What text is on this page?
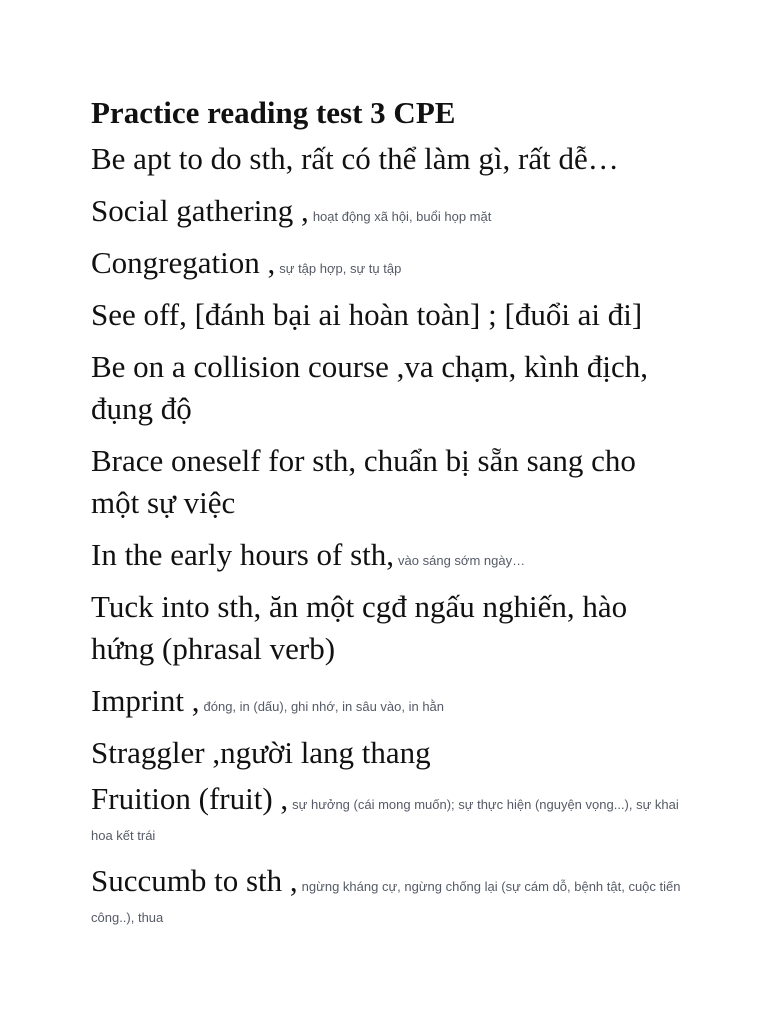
Practice reading test 3 CPE
Be apt to do sth, rất có thể làm gì, rất dễ…
Social gathering , hoạt động xã hội, buổi họp mặt
Congregation , sự tập hợp, sự tụ tập
See off, [đánh bại ai hoàn toàn] ; [đuổi ai đi]
Be on a collision course ,va chạm, kình địch, đụng độ
Brace oneself for sth, chuẩn bị sẵn sang cho một sự việc
In the early hours of sth, vào sáng sớm ngày…
Tuck into sth, ăn một cgđ ngấu nghiến, hào hứng (phrasal verb)
Imprint , đóng, in (dấu), ghi nhớ, in sâu vào, in hằn
Straggler ,người lang thang
Fruition (fruit) , sự hưởng (cái mong muốn); sự thực hiện (nguyện vọng...), sự khai hoa kết trái
Succumb to sth , ngừng kháng cự, ngừng chống lại (sự cám dỗ, bệnh tật, cuộc tiến công..), thua
